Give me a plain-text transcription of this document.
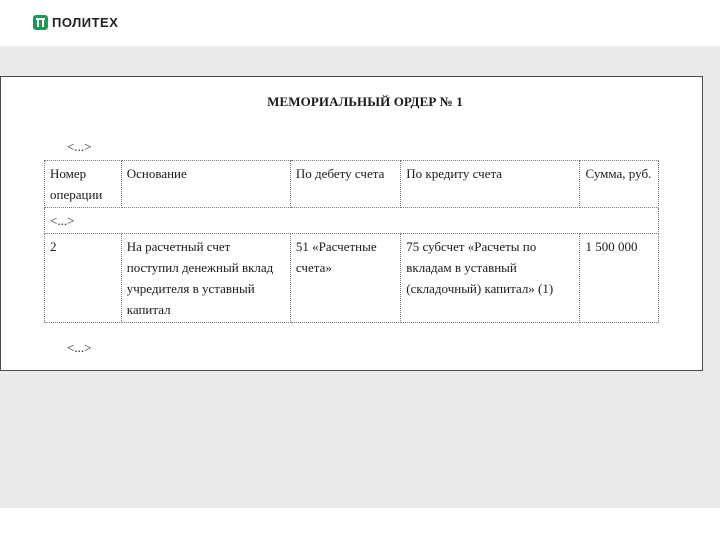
ПОЛИТЕХ
МЕМОРИАЛЬНЫЙ ОРДЕР № 1
<...>
Номер операции	Основание	По дебету счета	По кредиту счета	Сумма, руб.
<...>				
2	На расчетный счет поступил денежный вклад учредителя в уставный капитал	51 «Расчетные счета»	75 субсчет «Расчеты по вкладам в уставный (складочный) капитал» (1)	1 500 000
<...>
